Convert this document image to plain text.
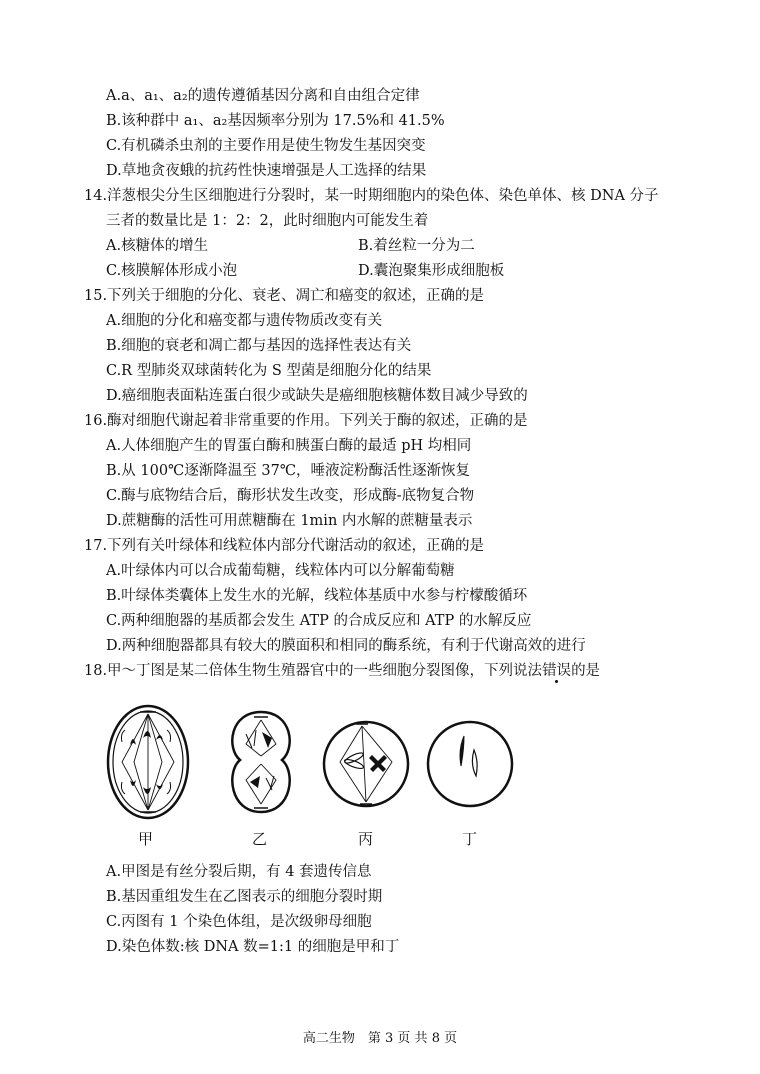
A.a、a₁、a₂的遗传遵循基因分离和自由组合定律
B.该种群中 a₁、a₂基因频率分别为 17.5%和 41.5%
C.有机磷杀虫剂的主要作用是使生物发生基因突变
D.草地贪夜蛾的抗药性快速增强是人工选择的结果
14.洋葱根尖分生区细胞进行分裂时，某一时期细胞内的染色体、染色单体、核 DNA 分子
三者的数量比是 1：2：2，此时细胞内可能发生着
A.核糖体的增生	B.着丝粒一分为二
C.核膜解体形成小泡	D.囊泡聚集形成细胞板
15.下列关于细胞的分化、衰老、凋亡和癌变的叙述，正确的是
A.细胞的分化和癌变都与遗传物质改变有关
B.细胞的衰老和凋亡都与基因的选择性表达有关
C.R 型肺炎双球菌转化为 S 型菌是细胞分化的结果
D.癌细胞表面粘连蛋白很少或缺失是癌细胞核糖体数目减少导致的
16.酶对细胞代谢起着非常重要的作用。下列关于酶的叙述，正确的是
A.人体细胞产生的胃蛋白酶和胰蛋白酶的最适 pH 均相同
B.从 100℃逐渐降温至 37℃，唾液淀粉酶活性逐渐恢复
C.酶与底物结合后，酶形状发生改变，形成酶-底物复合物
D.蔗糖酶的活性可用蔗糖酶在 1min 内水解的蔗糖量表示
17.下列有关叶绿体和线粒体内部分代谢活动的叙述，正确的是
A.叶绿体内可以合成葡萄糖，线粒体内可以分解葡萄糖
B.叶绿体类囊体上发生水的光解，线粒体基质中水参与柠檬酸循环
C.两种细胞器的基质都会发生 ATP 的合成反应和 ATP 的水解反应
D.两种细胞器都具有较大的膜面积和相同的酶系统，有利于代谢高效的进行
18.甲～丁图是某二倍体生物生殖器官中的一些细胞分裂图像，下列说法错误的是
甲	乙	丙	丁
A.甲图是有丝分裂后期，有 4 套遗传信息
B.基因重组发生在乙图表示的细胞分裂时期
C.丙图有 1 个染色体组，是次级卵母细胞
D.染色体数:核 DNA 数=1:1 的细胞是甲和丁
高二生物　第 3 页 共 8 页
